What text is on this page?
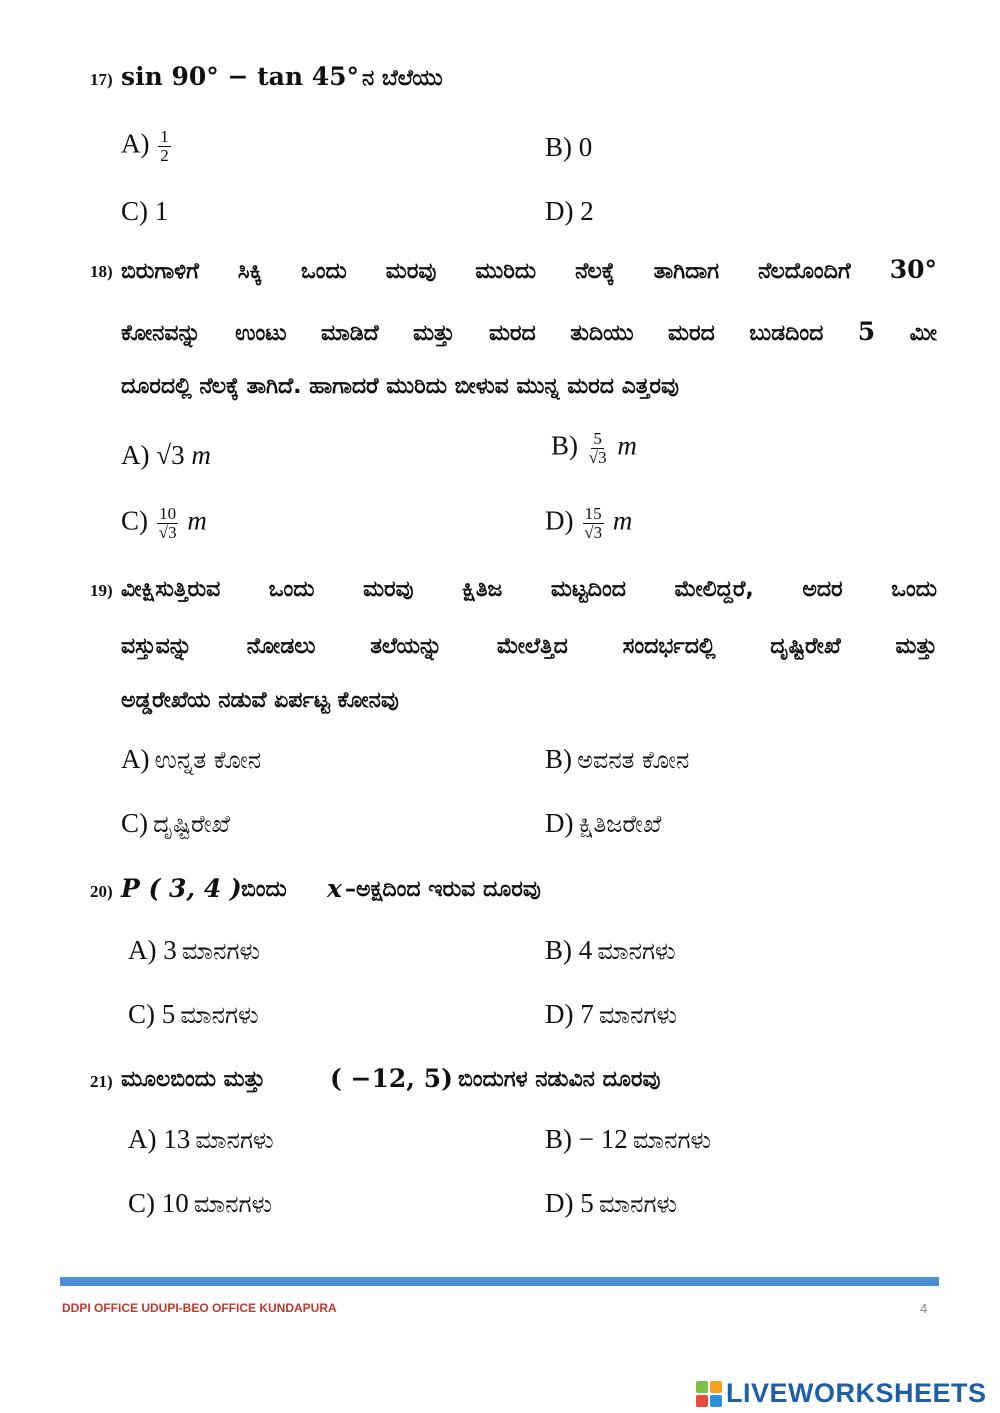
17) sin 90° − tan 45° ನ ಬೆಲೆಯು
$A) \frac{1}{2}$	B) 0
C) 1	D) 2
18) ಬಿರುಗಾಳಿಗೆ ಸಿಕ್ಕಿ ಒಂದು ಮರವು ಮುರಿದು ನೆಲಕ್ಕೆ ತಾಗಿದಾಗ ನೆಲದೊಂದಿಗೆ 30°
ಕೋನವನ್ನು ಉಂಟು ಮಾಡಿದೆ ಮತ್ತು ಮರದ ತುದಿಯು ಮರದ ಬುಡದಿಂದ 5 ಮೀ
ದೂರದಲ್ಲಿ ನೆಲಕ್ಕೆ ತಾಗಿದೆ. ಹಾಗಾದರೆ ಮುರಿದು ಬೀಳುವ ಮುನ್ನ ಮರದ ಎತ್ತರವು
A) √3 m	$B) \frac{5}{√3}$ m
$C) \frac{10}{√3}$ m	$D) \frac{15}{√3}$ m
19) ವೀಕ್ಷಿಸುತ್ತಿರುವ ಒಂದು ಮರವು ಕ್ಷಿತಿಜ ಮಟ್ಟದಿಂದ ಮೇಲಿದ್ದರೆ, ಅದರ ಒಂದು
ವಸ್ತುವನ್ನು ನೋಡಲು ತಲೆಯನ್ನು ಮೇಲೆತ್ತಿದ ಸಂದರ್ಭದಲ್ಲಿ ದೃಷ್ಟಿರೇಖೆ ಮತ್ತು
ಅಡ್ಡರೇಖೆಯ ನಡುವೆ ಏರ್ಪಟ್ಟ ಕೋನವು
A) ಉನ್ನತ ಕೋನ	B) ಅವನತ ಕೋನ
C) ದೃಷ್ಟಿರೇಖೆ	D) ಕ್ಷಿತಿಜರೇಖೆ
20) P ( 3, 4 ) ಬಿಂದು x –ಅಕ್ಷದಿಂದ ಇರುವ ದೂರವು
A) 3 ಮಾನಗಳು	B) 4 ಮಾನಗಳು
C) 5 ಮಾನಗಳು	D) 7 ಮಾನಗಳು
21) ಮೂಲಬಿಂದು ಮತ್ತು	( −12, 5) ಬಿಂದುಗಳ ನಡುವಿನ ದೂರವು
A) 13 ಮಾನಗಳು	B) − 12 ಮಾನಗಳು
C) 10 ಮಾನಗಳು	D) 5 ಮಾನಗಳು
DDPI OFFICE UDUPI-BEO OFFICE KUNDAPURA	4
LIVEWORKSHEETS
